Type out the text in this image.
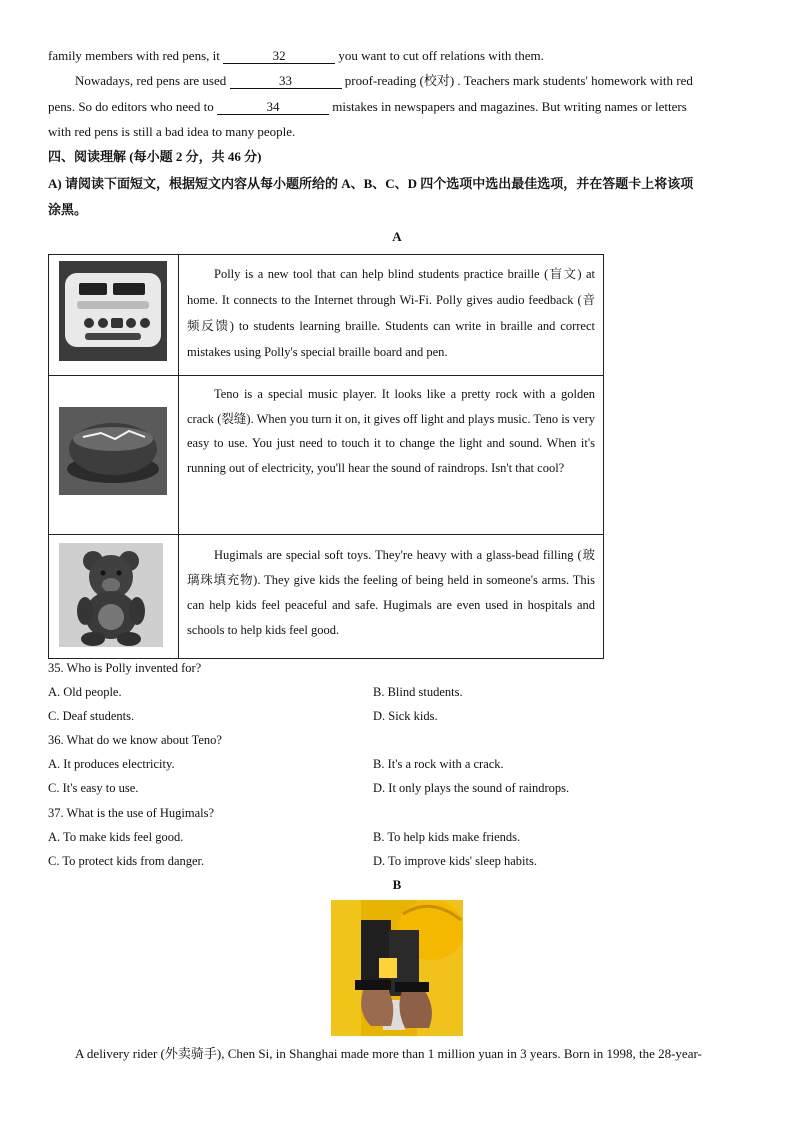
family members with red pens, it	32	you want to cut off relations with them.
Nowadays, red pens are used	33	proof-reading (校对) . Teachers mark students' homework with red
pens. So do editors who need to	34	mistakes in newspapers and magazines. But writing names or letters
with red pens is still a bad idea to many people.
四、阅读理解 (每小题 2 分，共 46 分)
A) 请阅读下面短文，根据短文内容从每小题所给的 A、B、C、D 四个选项中选出最佳选项，并在答题卡上将该项
涂黑。
A
	Polly is a new tool that can help blind students practice braille (盲文) at home. It connects to the Internet through Wi-Fi. Polly gives audio feedback (音频反馈) to students learning braille. Students can write in braille and correct mistakes using Polly's special braille board and pen.

	Teno is a special music player. It looks like a pretty rock with a golden crack (裂缝). When you turn it on, it gives off light and plays music. Teno is very easy to use. You just need to touch it to change the light and sound. When it's running out of electricity, you'll hear the sound of raindrops. Isn't that cool?

	Hugimals are special soft toys. They're heavy with a glass-bead filling (玻璃珠填充物). They give kids the feeling of being held in someone's arms. This can help kids feel peaceful and safe. Hugimals are even used in hospitals and schools to help kids feel good.
35. Who is Polly invented for?
A. Old people.	B. Blind students.
C. Deaf students.	D. Sick kids.
36. What do we know about Teno?
A. It produces electricity.	B. It's a rock with a crack.
C. It's easy to use.	D. It only plays the sound of raindrops.
37. What is the use of Hugimals?
A. To make kids feel good.	B. To help kids make friends.
C. To protect kids from danger.	D. To improve kids' sleep habits.
B
A delivery rider (外卖骑手), Chen Si, in Shanghai made more than 1 million yuan in 3 years. Born in 1998, the 28-year-
